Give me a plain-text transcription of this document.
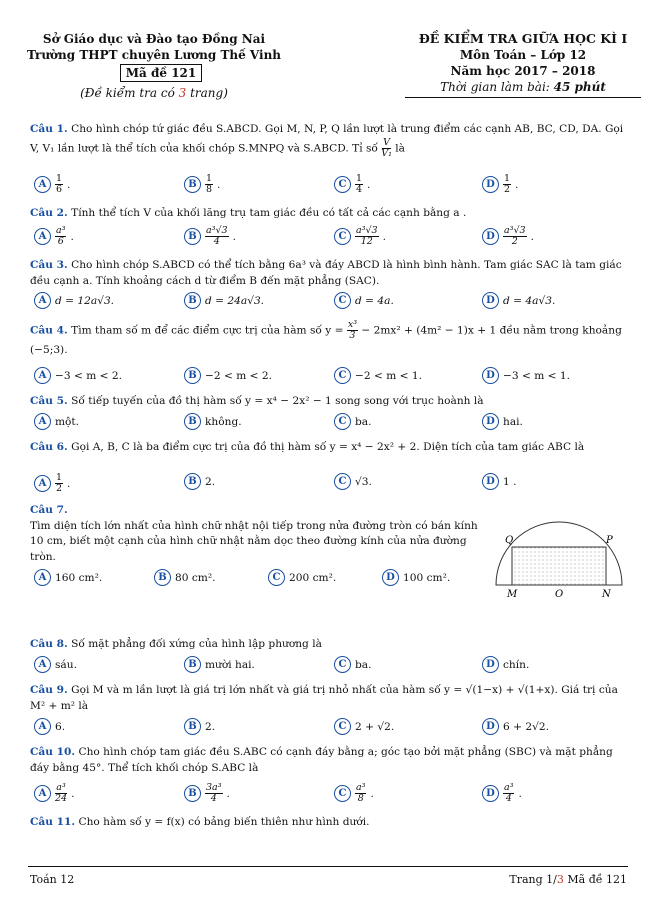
Sở Giáo dục và Đào tạo Đồng Nai
Trường THPT chuyên Lương Thế Vinh
Mã đề 121
(Đề kiểm tra có 3 trang)
ĐỀ KIỂM TRA GIỮA HỌC KÌ I
Môn Toán – Lớp 12
Năm học 2017 – 2018
Thời gian làm bài: 45 phút
Câu 1. Cho hình chóp tứ giác đều S.ABCD. Gọi M, N, P, Q lần lượt là trung điểm các cạnh AB, BC, CD, DA. Gọi V, V₁ lần lượt là thể tích của khối chóp S.MNPQ và S.ABCD. Tỉ số $\frac{V}{\text{V₁}}$ là
A $\frac{1}{6}$ .	B $\frac{1}{8}$ .	C $\frac{1}{4}$ .	D $\frac{1}{2}$ .
Câu 2. Tính thể tích V của khối lăng trụ tam giác đều có tất cả các cạnh bằng a .
A $\frac{\text{a³}}{6}$ .	B $\frac{\text{a³√3}}{4}$ .	C $\frac{\text{a³√3}}{12}$ .	D $\frac{\text{a³√3}}{2}$ .
Câu 3. Cho hình chóp S.ABCD có thể tích bằng 6a³ và đáy ABCD là hình bình hành. Tam giác SAC là tam giác đều cạnh a. Tính khoảng cách d từ điểm B đến mặt phẳng (SAC).
A d = 12a√3.	B d = 24a√3.	C d = 4a.	D d = 4a√3.
Câu 4. Tìm tham số m để các điểm cực trị của hàm số $y = \frac{\text{x³}}{3} - 2mx^2 + (4m^2 - 1)x + 1$ đều nằm trong khoảng (−5;3).
A −3 < m < 2.	B −2 < m < 2.	C −2 < m < 1.	D −3 < m < 1.
Câu 5. Số tiếp tuyến của đồ thị hàm số y = x⁴ − 2x² − 1 song song với trục hoành là
A một.	B không.	C ba.	D hai.
Câu 6. Gọi A, B, C là ba điểm cực trị của đồ thị hàm số y = x⁴ − 2x² + 2. Diện tích của tam giác ABC là
A $\frac{1}{2}$ .	B 2.	C √3.	D 1 .
Câu 7.
Tìm diện tích lớn nhất của hình chữ nhật nội tiếp trong nửa đường tròn có bán kính 10 cm, biết một cạnh của hình chữ nhật nằm dọc theo đường kính của nửa đường tròn.
A 160 cm².	B 80 cm².	C 200 cm².	D 100 cm².
Q	P
M	O	N
Câu 8. Số mặt phẳng đối xứng của hình lập phương là
A sáu.	B mười hai.	C ba.	D chín.
Câu 9. Gọi M và m lần lượt là giá trị lớn nhất và giá trị nhỏ nhất của hàm số y = √(1−x) + √(1+x). Giá trị của M² + m² là
A 6.	B 2.	C 2 + √2.	D 6 + 2√2.
Câu 10. Cho hình chóp tam giác đều S.ABC có cạnh đáy bằng a; góc tạo bởi mặt phẳng (SBC) và mặt phẳng đáy bằng 45°. Thể tích khối chóp S.ABC là
A $\frac{\text{a³}}{24}$ .	B $\frac{\text{3a³}}{4}$ .	C $\frac{\text{a³}}{8}$ .	D $\frac{\text{a³}}{4}$ .
Câu 11. Cho hàm số y = f(x) có bảng biến thiên như hình dưới.
Toán 12	Trang 1/3 Mã đề 121
